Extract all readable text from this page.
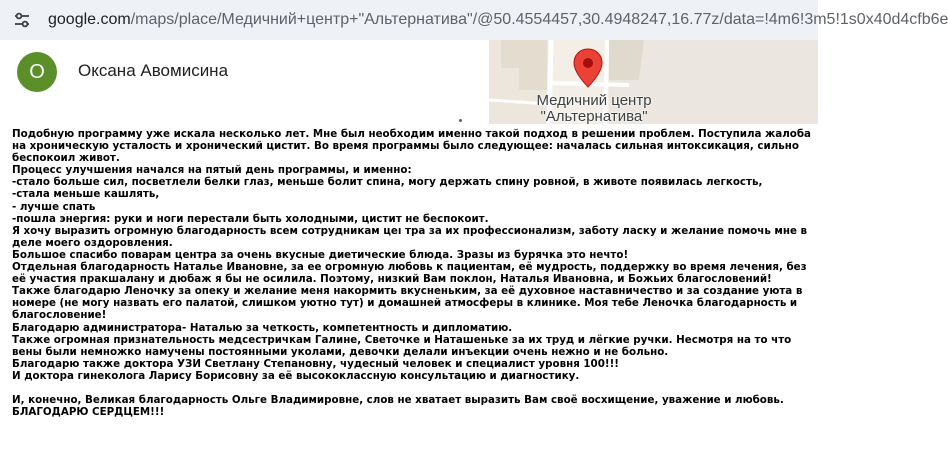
google.com/maps/place/Медичний+центр+"Альтернатива"/@50.4554457,30.4948247,16.77z/data=!4m6!3m5!1s0x40d4cfb6e
О Оксана Авомисина
Медичний центр
"Альтернатива"

Подобную программу уже искала несколько лет. Мне был необходим именно такой подход в решении проблем. Поступила жалоба на хроническую усталость и хронический цистит. Во время программы было следующее: началась сильная интоксикация, сильно беспокоил живот.

Процесс улучшения начался на пятый день программы, и именно:

-стало больше сил, посветлели белки глаз, меньше болит спина, могу держать спину ровной, в животе появилась легкость,

-стала меньше кашлять,

- лучше спать

-пошла энергия: руки и ноги перестали быть холодными, цистит не беспокоит.

Я хочу выразить огромную благодарность всем сотрудникам цеı тра за их профессионализм, заботу ласку и желание помочь мне в деле моего оздоровления.

Большое спасибо поварам центра за очень вкусные диетические блюда. Зразы из бурячка это нечто!

Отдельная благодарность Наталье Ивановне, за ее огромную любовь к пациентам, её мудрость, поддержку во время лечения, без её участия пракшалану и дюбаж я бы не осилила. Поэтому, низкий Вам поклон, Наталья Ивановна, и Божьих благословений!

Также благодарю Леночку за опеку и желание меня накормить вкусненьким, за её духовное наставничество и за создание уюта в номере (не могу назвать его палатой, слишком уютно тут) и домашней атмосферы в клинике. Моя тебе Леночка благодарность и благословение!

Благодарю администратора- Наталью за четкость, компетентность и дипломатию.

Также огромная признательность медсестричкам Галине, Светочке и Наташеньке за их труд и лёгкие ручки. Несмотря на то что вены были немножко намучены постоянными уколами, девочки делали инъекции очень нежно и не больно.

Благодарю также доктора УЗИ Светлану Степановну, чудесный человек и специалист уровня 100!!!

И доктора гинеколога Ларису Борисовну за её высококлассную консультацию и диагностику.

И, конечно, Великая благодарность Ольге Владимировне, слов не хватает выразить Вам своё восхищение, уважение и любовь. БЛАГОДАРЮ СЕРДЦЕМ!!!
